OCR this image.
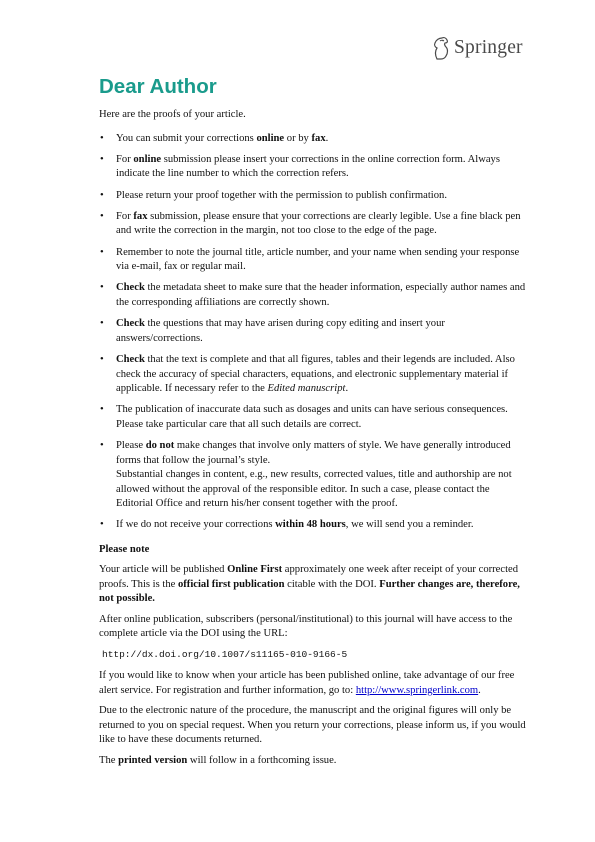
Springer
Dear Author

Here are the proofs of your article.

• You can submit your corrections online or by fax.
• For online submission please insert your corrections in the online correction form. Always indicate the line number to which the correction refers.
• Please return your proof together with the permission to publish confirmation.
• For fax submission, please ensure that your corrections are clearly legible. Use a fine black pen and write the correction in the margin, not too close to the edge of the page.
• Remember to note the journal title, article number, and your name when sending your response via e-mail, fax or regular mail.
• Check the metadata sheet to make sure that the header information, especially author names and the corresponding affiliations are correctly shown.
• Check the questions that may have arisen during copy editing and insert your answers/corrections.
• Check that the text is complete and that all figures, tables and their legends are included. Also check the accuracy of special characters, equations, and electronic supplementary material if applicable. If necessary refer to the Edited manuscript.
• The publication of inaccurate data such as dosages and units can have serious consequences. Please take particular care that all such details are correct.
• Please do not make changes that involve only matters of style. We have generally introduced forms that follow the journal’s style.
Substantial changes in content, e.g., new results, corrected values, title and authorship are not allowed without the approval of the responsible editor. In such a case, please contact the Editorial Office and return his/her consent together with the proof.
• If we do not receive your corrections within 48 hours, we will send you a reminder.

Please note

Your article will be published Online First approximately one week after receipt of your corrected proofs. This is the official first publication citable with the DOI. Further changes are, therefore, not possible.

After online publication, subscribers (personal/institutional) to this journal will have access to the complete article via the DOI using the URL:

http://dx.doi.org/10.1007/s11165-010-9166-5

If you would like to know when your article has been published online, take advantage of our free alert service. For registration and further information, go to: http://www.springerlink.com.

Due to the electronic nature of the procedure, the manuscript and the original figures will only be returned to you on special request. When you return your corrections, please inform us, if you would like to have these documents returned.

The printed version will follow in a forthcoming issue.
